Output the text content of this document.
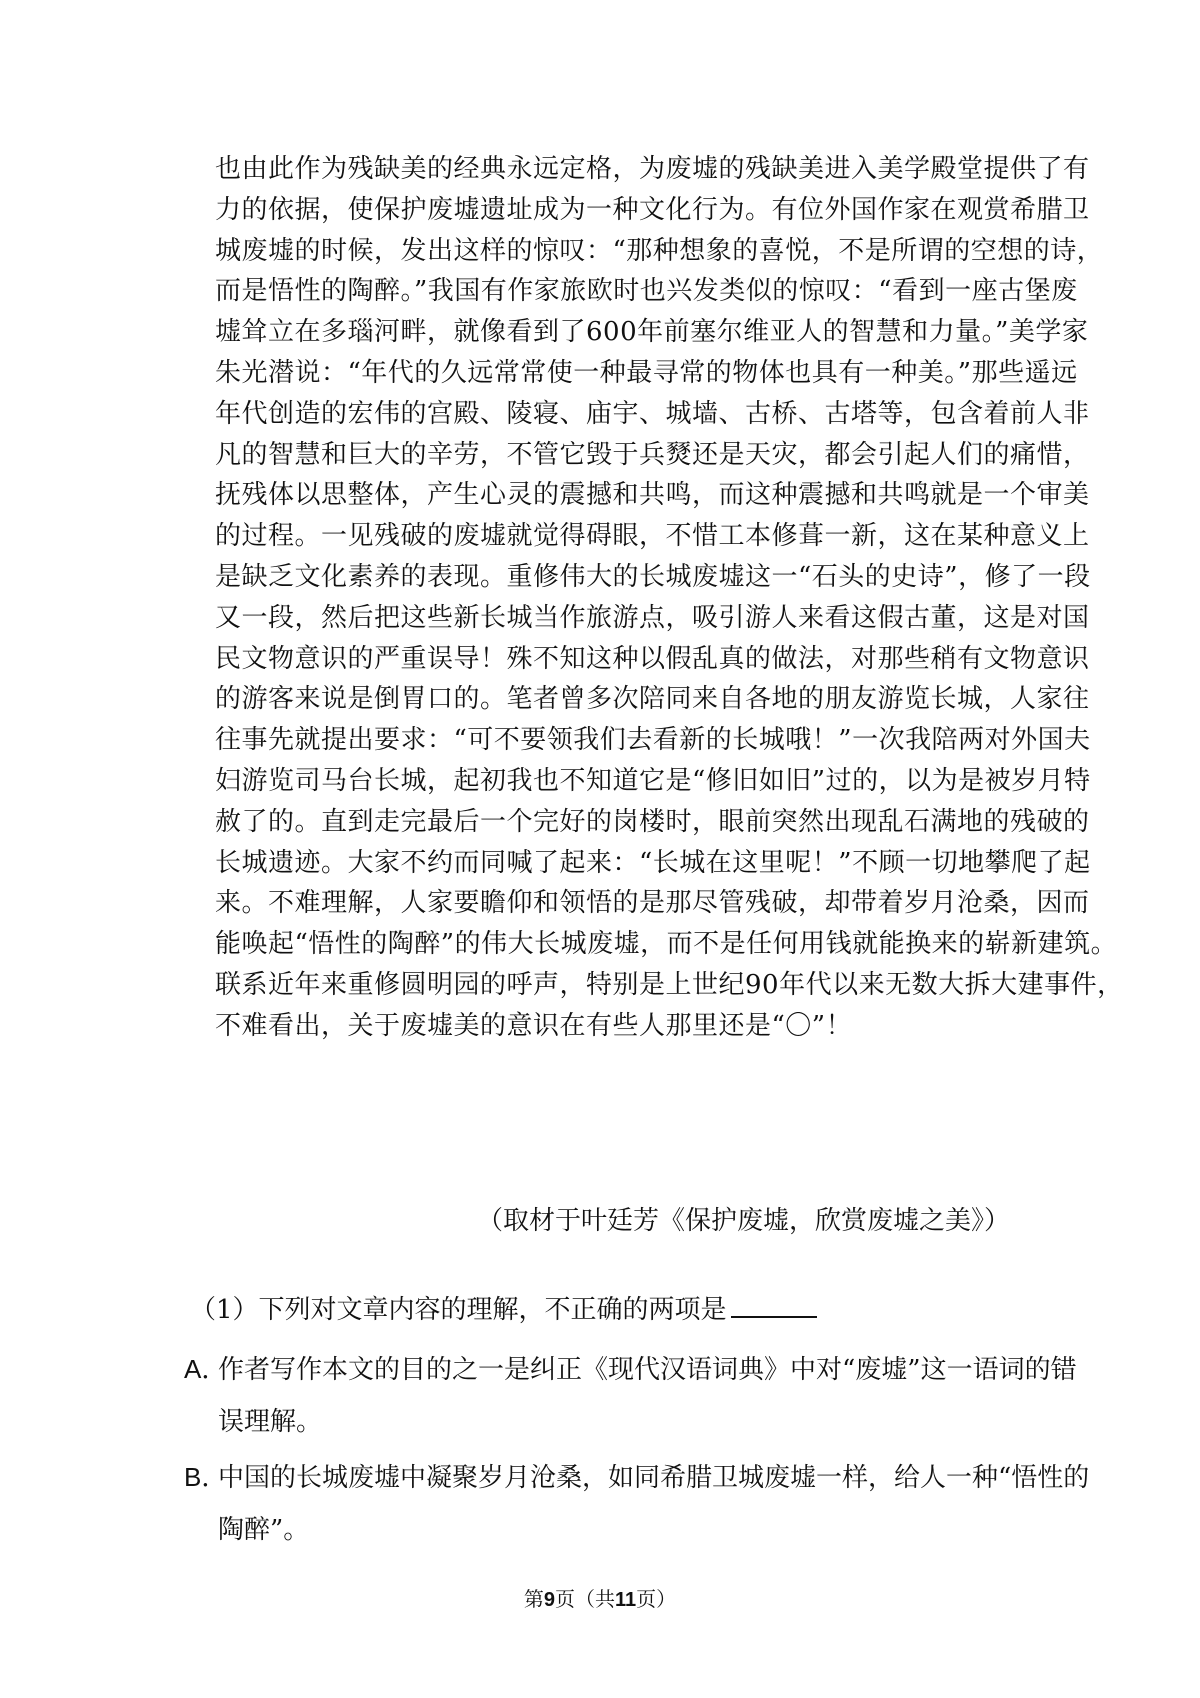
也由此作为残缺美的经典永远定格，为废墟的残缺美进入美学殿堂提供了有
力的依据，使保护废墟遗址成为一种文化行为。有位外国作家在观赏希腊卫
城废墟的时候，发出这样的惊叹：“那种想象的喜悦，不是所谓的空想的诗，
而是悟性的陶醉。”我国有作家旅欧时也兴发类似的惊叹：“看到一座古堡废
墟耸立在多瑙河畔，就像看到了600年前塞尔维亚人的智慧和力量。”美学家
朱光潜说：“年代的久远常常使一种最寻常的物体也具有一种美。”那些遥远
年代创造的宏伟的宫殿、陵寝、庙宇、城墙、古桥、古塔等，包含着前人非
凡的智慧和巨大的辛劳，不管它毁于兵燹还是天灾，都会引起人们的痛惜，
抚残体以思整体，产生心灵的震撼和共鸣，而这种震撼和共鸣就是一个审美
的过程。一见残破的废墟就觉得碍眼，不惜工本修葺一新，这在某种意义上
是缺乏文化素养的表现。重修伟大的长城废墟这一“石头的史诗”，修了一段
又一段，然后把这些新长城当作旅游点，吸引游人来看这假古董，这是对国
民文物意识的严重误导！殊不知这种以假乱真的做法，对那些稍有文物意识
的游客来说是倒胃口的。笔者曾多次陪同来自各地的朋友游览长城，人家往
往事先就提出要求：“可不要领我们去看新的长城哦！”一次我陪两对外国夫
妇游览司马台长城，起初我也不知道它是“修旧如旧”过的，以为是被岁月特
赦了的。直到走完最后一个完好的岗楼时，眼前突然出现乱石满地的残破的
长城遗迹。大家不约而同喊了起来：“长城在这里呢！”不顾一切地攀爬了起
来。不难理解，人家要瞻仰和领悟的是那尽管残破，却带着岁月沧桑，因而
能唤起“悟性的陶醉”的伟大长城废墟，而不是任何用钱就能换来的崭新建筑。
联系近年来重修圆明园的呼声，特别是上世纪90年代以来无数大拆大建事件，
不难看出，关于废墟美的意识在有些人那里还是“〇”！
（取材于叶廷芳《保护废墟，欣赏废墟之美》）
（1）下列对文章内容的理解，不正确的两项是
A．作者写作本文的目的之一是纠正《现代汉语词典》中对“废墟”这一语词的错
误理解。
B．中国的长城废墟中凝聚岁月沧桑，如同希腊卫城废墟一样，给人一种“悟性的
陶醉”。
第9页（共11页）
